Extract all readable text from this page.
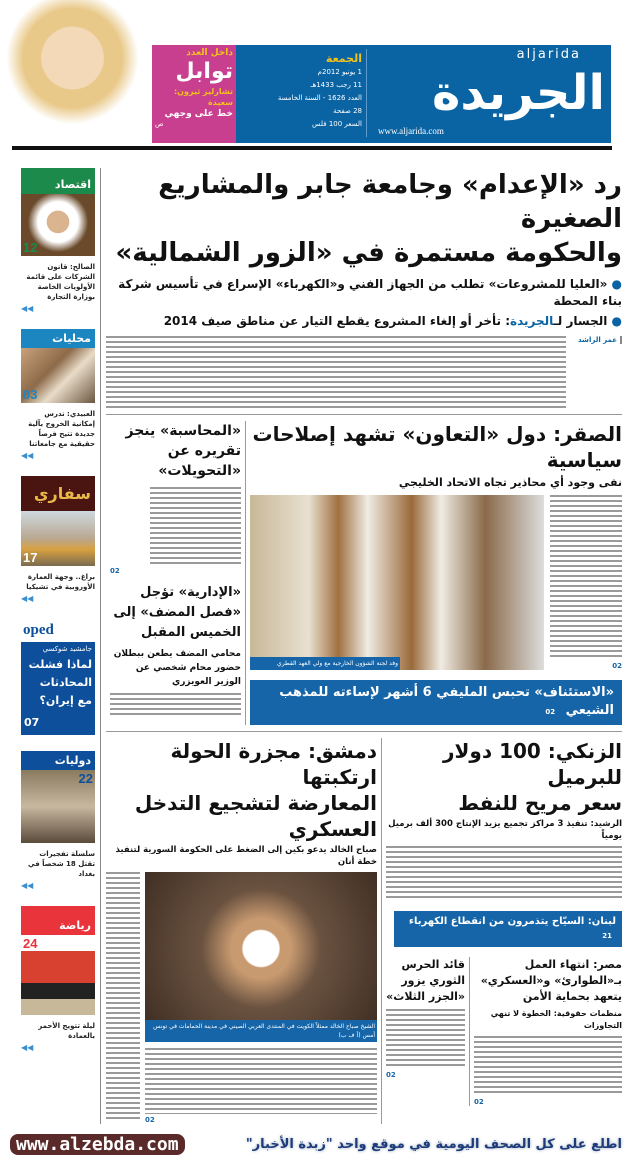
داخل العدد
توابل
تشارليز ثيرون: سعيدة
خط على وجهي
ص
الجمعة
1 يونيو 2012م
11 رجب 1433هـ
العدد 1626 - السنة الخامسة
28 صفحة
السعر 100 فلس
aljarida
الجريدة
www.aljarida.com
رد «الإعدام» وجامعة جابر والمشاريع الصغيرة
والحكومة مستمرة في «الزور الشمالية»
● «العليا للمشروعات» تطلب من الجهاز الفني و«الكهرباء» الإسراع في تأسيس شركة بناء المحطة
● الجسار لـالجريدة: تأخر أو إلغاء المشروع يقطع التيار عن مناطق صيف 2014
عمر الراشد
الصقر: دول «التعاون» تشهد إصلاحات سياسية
نفى وجود أي محاذير تجاه الاتحاد الخليجي
02
وفد لجنة الشؤون الخارجية مع ولي العهد القطري
«الاستئناف» تحبس المليفي 6 أشهر لإساءته للمذهب الشيعي 02
«المحاسبة» ينجز تقريره عن «التحويلات»
02
«الإدارية» تؤجل «فصل المضف» إلى الخميس المقبل
محامي المضف يطعن ببطلان حضور محام شخصي عن الوزير العويزري
الزنكي: 100 دولار للبرميل
سعر مريح للنفط
الرشيد: تنفيذ 3 مراكز تجميع يزيد الإنتاج 300 ألف برميل يومياً
لبنان: السيّاح يتذمرون من انقطاع الكهرباء 21
مصر: انتهاء العمل بـ«الطوارئ» و«العسكري» يتعهد بحماية الأمن
منظمات حقوقية: الخطوة لا تنهي التجاوزات
02
قائد الحرس الثوري يزور «الجزر الثلاث»
02
دمشق: مجزرة الحولة ارتكبتها
المعارضة لتشجيع التدخل العسكري
صباح الخالد يدعو بكين إلى الضغط على الحكومة السورية لتنفيذ خطة أنان
الشيخ صباح الخالد ممثلاً الكويت في المنتدى العربي الصيني في مدينة الحمامات في تونس أمس (أ ف ب)
02
اقتصاد
12
الصالح: قانون الشركات على قائمة الأولويات الخاصة بوزارة التجارة
◀◀
محليات
03
العبيدي: تدرس إمكانية الخروج بآلية جديدة تتيح فرصاً حقيقية مع جامعاتنا
◀◀
سفاري
17
براغ.. وجهة العمارة الأوروبية في تشيكيا
◀◀
oped
جامشيد شوكسي
لماذا فشلت المحادثات مع إيران؟
07
دوليات
22
سلسلة تفجيرات تقتل 18 شخصاً في بغداد
◀◀
رياضة
24
ليلة تتويج الأحمر بالعمادة
◀◀
اطلع على كل الصحف اليومية في موقع واحد "زبدة الأخبار"
www.alzebda.com
